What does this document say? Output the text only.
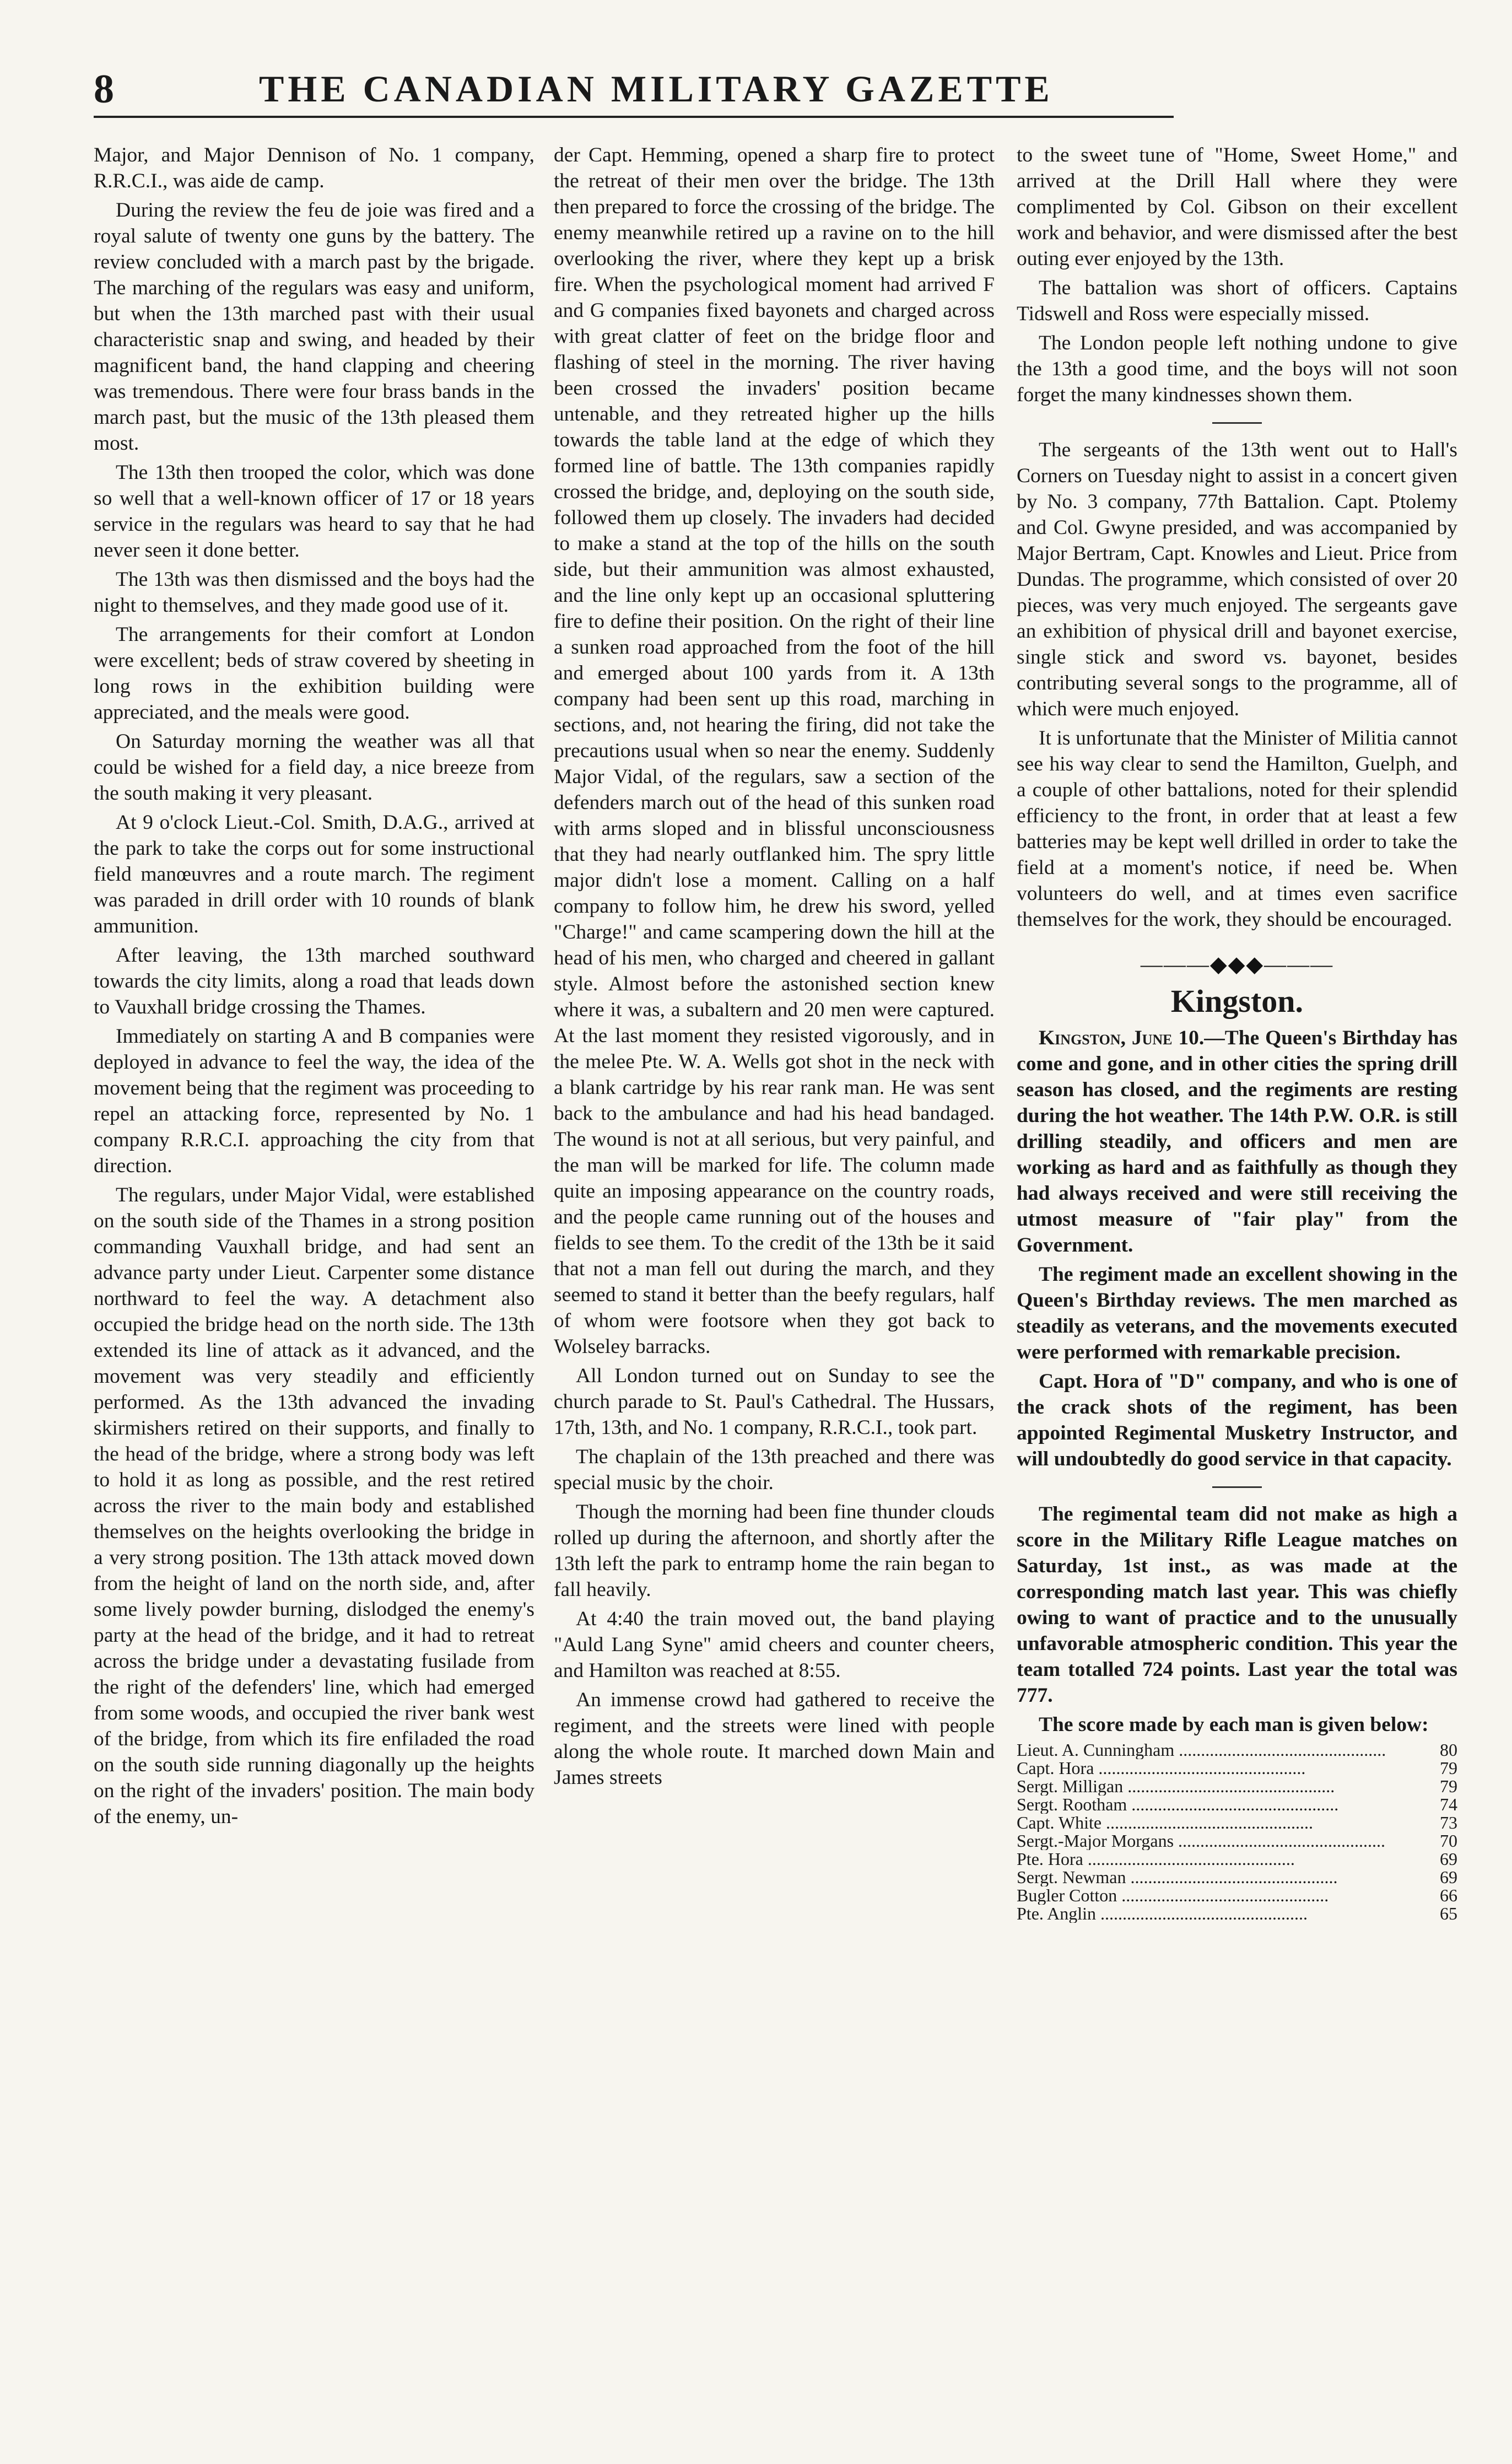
8	THE CANADIAN MILITARY GAZETTE

Major, and Major Dennison of No. 1 company, R.R.C.I., was aide de camp.

During the review the feu de joie was fired and a royal salute of twenty one guns by the battery. The review concluded with a march past by the brigade. The marching of the regulars was easy and uniform, but when the 13th marched past with their usual characteristic snap and swing, and headed by their magnificent band, the hand clapping and cheering was tremendous. There were four brass bands in the march past, but the music of the 13th pleased them most.

The 13th then trooped the color, which was done so well that a well-known officer of 17 or 18 years service in the regulars was heard to say that he had never seen it done better.

The 13th was then dismissed and the boys had the night to themselves, and they made good use of it.

The arrangements for their comfort at London were excellent; beds of straw covered by sheeting in long rows in the exhibition building were appreciated, and the meals were good.

On Saturday morning the weather was all that could be wished for a field day, a nice breeze from the south making it very pleasant.

At 9 o'clock Lieut.-Col. Smith, D.A.G., arrived at the park to take the corps out for some instructional field manœuvres and a route march. The regiment was paraded in drill order with 10 rounds of blank ammunition.

After leaving, the 13th marched southward towards the city limits, along a road that leads down to Vauxhall bridge crossing the Thames.

Immediately on starting A and B companies were deployed in advance to feel the way, the idea of the movement being that the regiment was proceeding to repel an attacking force, represented by No. 1 company R.R.C.I. approaching the city from that direction.

The regulars, under Major Vidal, were established on the south side of the Thames in a strong position commanding Vauxhall bridge, and had sent an advance party under Lieut. Carpenter some distance northward to feel the way. A detachment also occupied the bridge head on the north side. The 13th extended its line of attack as it advanced, and the movement was very steadily and efficiently performed. As the 13th advanced the invading skirmishers retired on their supports, and finally to the head of the bridge, where a strong body was left to hold it as long as possible, and the rest retired across the river to the main body and established themselves on the heights overlooking the bridge in a very strong position. The 13th attack moved down from the height of land on the north side, and, after some lively powder burning, dislodged the enemy's party at the head of the bridge, and it had to retreat across the bridge under a devastating fusilade from the right of the defenders' line, which had emerged from some woods, and occupied the river bank west of the bridge, from which its fire enfiladed the road on the south side running diagonally up the heights on the right of the invaders' position. The main body of the enemy, un-

der Capt. Hemming, opened a sharp fire to protect the retreat of their men over the bridge. The 13th then prepared to force the crossing of the bridge. The enemy meanwhile retired up a ravine on to the hill overlooking the river, where they kept up a brisk fire. When the psychological moment had arrived F and G companies fixed bayonets and charged across with great clatter of feet on the bridge floor and flashing of steel in the morning. The river having been crossed the invaders' position became untenable, and they retreated higher up the hills towards the table land at the edge of which they formed line of battle. The 13th companies rapidly crossed the bridge, and, deploying on the south side, followed them up closely. The invaders had decided to make a stand at the top of the hills on the south side, but their ammunition was almost exhausted, and the line only kept up an occasional spluttering fire to define their position. On the right of their line a sunken road approached from the foot of the hill and emerged about 100 yards from it. A 13th company had been sent up this road, marching in sections, and, not hearing the firing, did not take the precautions usual when so near the enemy. Suddenly Major Vidal, of the regulars, saw a section of the defenders march out of the head of this sunken road with arms sloped and in blissful unconsciousness that they had nearly outflanked him. The spry little major didn't lose a moment. Calling on a half company to follow him, he drew his sword, yelled "Charge!" and came scampering down the hill at the head of his men, who charged and cheered in gallant style. Almost before the astonished section knew where it was, a subaltern and 20 men were captured. At the last moment they resisted vigorously, and in the melee Pte. W. A. Wells got shot in the neck with a blank cartridge by his rear rank man. He was sent back to the ambulance and had his head bandaged. The wound is not at all serious, but very painful, and the man will be marked for life. The column made quite an imposing appearance on the country roads, and the people came running out of the houses and fields to see them. To the credit of the 13th be it said that not a man fell out during the march, and they seemed to stand it better than the beefy regulars, half of whom were footsore when they got back to Wolseley barracks.

All London turned out on Sunday to see the church parade to St. Paul's Cathedral. The Hussars, 17th, 13th, and No. 1 company, R.R.C.I., took part.

The chaplain of the 13th preached and there was special music by the choir.

Though the morning had been fine thunder clouds rolled up during the afternoon, and shortly after the 13th left the park to entramp home the rain began to fall heavily.

At 4:40 the train moved out, the band playing "Auld Lang Syne" amid cheers and counter cheers, and Hamilton was reached at 8:55.

An immense crowd had gathered to receive the regiment, and the streets were lined with people along the whole route. It marched down Main and James streets

to the sweet tune of "Home, Sweet Home," and arrived at the Drill Hall where they were complimented by Col. Gibson on their excellent work and behavior, and were dismissed after the best outing ever enjoyed by the 13th.

The battalion was short of officers. Captains Tidswell and Ross were especially missed.

The London people left nothing undone to give the 13th a good time, and the boys will not soon forget the many kindnesses shown them.

The sergeants of the 13th went out to Hall's Corners on Tuesday night to assist in a concert given by No. 3 company, 77th Battalion. Capt. Ptolemy and Col. Gwyne presided, and was accompanied by Major Bertram, Capt. Knowles and Lieut. Price from Dundas. The programme, which consisted of over 20 pieces, was very much enjoyed. The sergeants gave an exhibition of physical drill and bayonet exercise, single stick and sword vs. bayonet, besides contributing several songs to the programme, all of which were much enjoyed.

It is unfortunate that the Minister of Militia cannot see his way clear to send the Hamilton, Guelph, and a couple of other battalions, noted for their splendid efficiency to the front, in order that at least a few batteries may be kept well drilled in order to take the field at a moment's notice, if need be. When volunteers do well, and at times even sacrifice themselves for the work, they should be encouraged.

———◆◆◆———
Kingston.

Kingston, June 10.—The Queen's Birthday has come and gone, and in other cities the spring drill season has closed, and the regiments are resting during the hot weather. The 14th P.W. O.R. is still drilling steadily, and officers and men are working as hard and as faithfully as though they had always received and were still receiving the utmost measure of "fair play" from the Government.

The regiment made an excellent showing in the Queen's Birthday reviews. The men marched as steadily as veterans, and the movements executed were performed with remarkable precision.

Capt. Hora of "D" company, and who is one of the crack shots of the regiment, has been appointed Regimental Musketry Instructor, and will undoubtedly do good service in that capacity.

The regimental team did not make as high a score in the Military Rifle League matches on Saturday, 1st inst., as was made at the corresponding match last year. This was chiefly owing to want of practice and to the unusually unfavorable atmospheric condition. This year the team totalled 724 points. Last year the total was 777.

The score made by each man is given below:

Lieut. A. Cunningham .....	80
Capt. Hora .....	79
Sergt. Milligan .....	79
Sergt. Rootham .....	74
Capt. White .....	73
Sergt.-Major Morgans .....	70
Pte. Hora .....	69
Sergt. Newman .....	69
Bugler Cotton .....	66
Pte. Anglin .....	65
